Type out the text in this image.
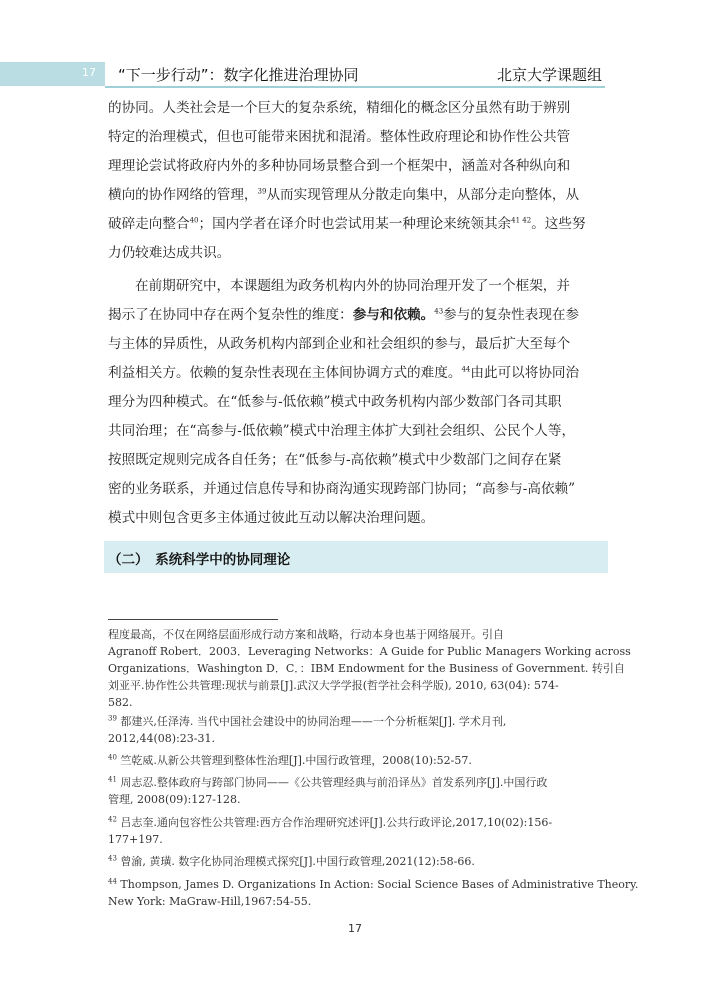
17 “下一步行动”：数字化推进治理协同	北京大学课题组
的协同。人类社会是一个巨大的复杂系统，精细化的概念区分虽然有助于辨别
特定的治理模式，但也可能带来困扰和混淆。整体性政府理论和协作性公共管
理理论尝试将政府内外的多种协同场景整合到一个框架中，涵盖对各种纵向和
横向的协作网络的管理，$^{39}$从而实现管理从分散走向集中，从部分走向整体，从
破碎走向整合$^{40}$；国内学者在译介时也尝试用某一种理论来统领其余$^{41 42}$。这些努
力仍较难达成共识。
在前期研究中，本课题组为政务机构内外的协同治理开发了一个框架，并
揭示了在协同中存在两个复杂性的维度：参与和依赖。$^{43}$参与的复杂性表现在参
与主体的异质性，从政务机构内部到企业和社会组织的参与，最后扩大至每个
利益相关方。依赖的复杂性表现在主体间协调方式的难度。$^{44}$由此可以将协同治
理分为四种模式。在“低参与-低依赖”模式中政务机构内部少数部门各司其职
共同治理；在“高参与-低依赖”模式中治理主体扩大到社会组织、公民个人等，
按照既定规则完成各自任务；在“低参与-高依赖”模式中少数部门之间存在紧
密的业务联系，并通过信息传导和协商沟通实现跨部门协同；“高参与-高依赖”
模式中则包含更多主体通过彼此互动以解决治理问题。
（二）　系统科学中的协同理论
程度最高，不仅在网络层面形成行动方案和战略，行动本身也基于网络展开。引自
Agranoff Robert．2003．Leveraging Networks：A Guide for Public Managers Working across
Organizations．Washington D．C．：IBM Endowment for the Business of Government. 转引自
刘亚平.协作性公共管理:现状与前景[J].武汉大学学报(哲学社会科学版), 2010, 63(04): 574-
582.
$^{39}$ 都建兴,任泽涛. 当代中国社会建设中的协同治理——一个分析框架[J]. 学术月刊,
2012,44(08):23-31.
$^{40}$ 竺乾威.从新公共管理到整体性治理[J].中国行政管理，2008(10):52-57.
$^{41}$ 周志忍.整体政府与跨部门协同——《公共管理经典与前沿译丛》首发系列序[J].中国行政
管理, 2008(09):127-128.
$^{42}$ 吕志奎.通向包容性公共管理:西方合作治理研究述评[J].公共行政评论,2017,10(02):156-
177+197.
$^{43}$ 曾渝, 黄璜. 数字化协同治理模式探究[J].中国行政管理,2021(12):58-66.
$^{44}$ Thompson, James D. Organizations In Action: Social Science Bases of Administrative Theory.
New York: MaGraw-Hill,1967:54-55.
17
